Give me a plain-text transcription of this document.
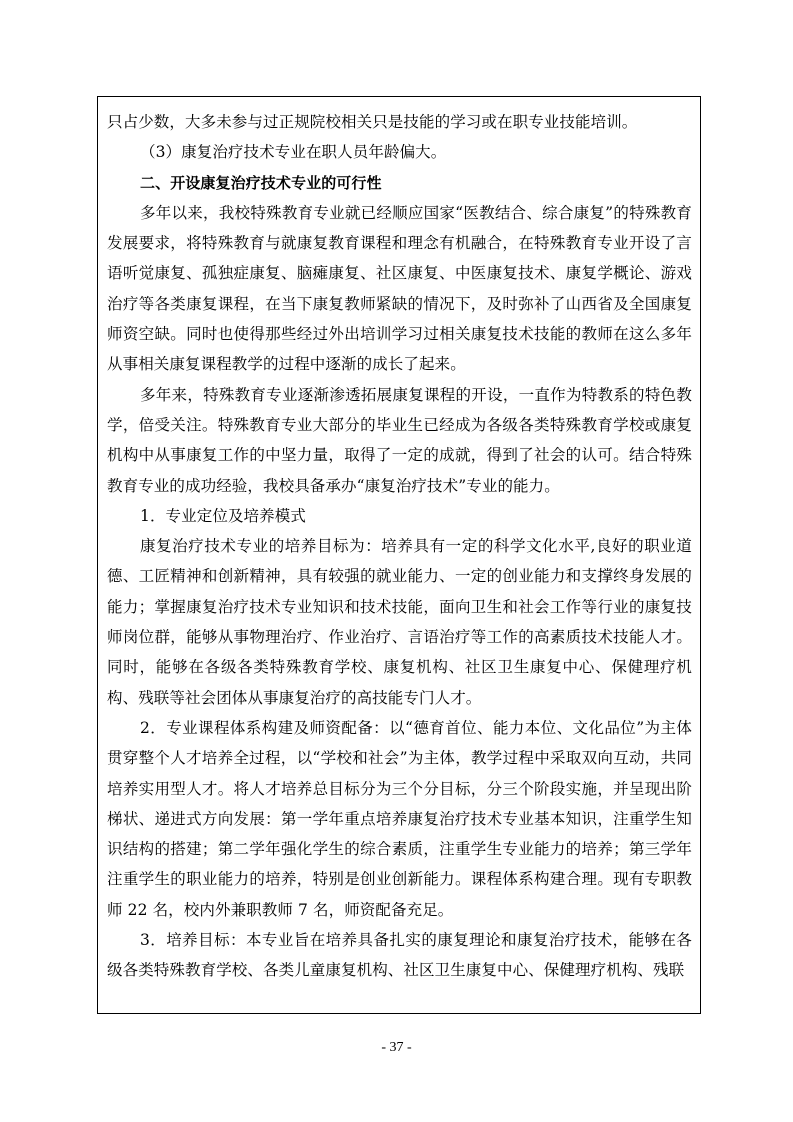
只占少数，大多未参与过正规院校相关只是技能的学习或在职专业技能培训。

（3）康复治疗技术专业在职人员年龄偏大。

二、开设康复治疗技术专业的可行性

多年以来，我校特殊教育专业就已经顺应国家“医教结合、综合康复”的特殊教育发展要求，将特殊教育与就康复教育课程和理念有机融合，在特殊教育专业开设了言语听觉康复、孤独症康复、脑瘫康复、社区康复、中医康复技术、康复学概论、游戏治疗等各类康复课程，在当下康复教师紧缺的情况下，及时弥补了山西省及全国康复师资空缺。同时也使得那些经过外出培训学习过相关康复技术技能的教师在这么多年从事相关康复课程教学的过程中逐渐的成长了起来。

多年来，特殊教育专业逐渐渗透拓展康复课程的开设，一直作为特教系的特色教学，倍受关注。特殊教育专业大部分的毕业生已经成为各级各类特殊教育学校或康复机构中从事康复工作的中坚力量，取得了一定的成就，得到了社会的认可。结合特殊教育专业的成功经验，我校具备承办“康复治疗技术”专业的能力。

1．专业定位及培养模式

康复治疗技术专业的培养目标为：培养具有一定的科学文化水平,良好的职业道德、工匠精神和创新精神，具有较强的就业能力、一定的创业能力和支撑终身发展的能力；掌握康复治疗技术专业知识和技术技能，面向卫生和社会工作等行业的康复技师岗位群，能够从事物理治疗、作业治疗、言语治疗等工作的高素质技术技能人才。同时，能够在各级各类特殊教育学校、康复机构、社区卫生康复中心、保健理疗机构、残联等社会团体从事康复治疗的高技能专门人才。

2．专业课程体系构建及师资配备：以“德育首位、能力本位、文化品位”为主体贯穿整个人才培养全过程，以“学校和社会”为主体，教学过程中采取双向互动，共同培养实用型人才。将人才培养总目标分为三个分目标，分三个阶段实施，并呈现出阶梯状、递进式方向发展：第一学年重点培养康复治疗技术专业基本知识，注重学生知识结构的搭建；第二学年强化学生的综合素质，注重学生专业能力的培养；第三学年注重学生的职业能力的培养，特别是创业创新能力。课程体系构建合理。现有专职教师 22 名，校内外兼职教师 7 名，师资配备充足。

3．培养目标：本专业旨在培养具备扎实的康复理论和康复治疗技术，能够在各级各类特殊教育学校、各类儿童康复机构、社区卫生康复中心、保健理疗机构、残联

- 37 -
